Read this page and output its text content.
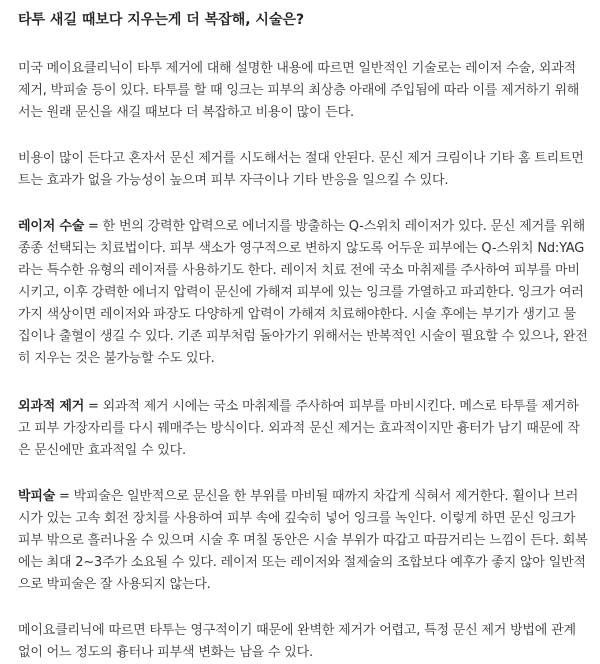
타투 새길 때보다 지우는게 더 복잡해, 시술은?

미국 메이요클리닉이 타투 제거에 대해 설명한 내용에 따르면 일반적인 기술로는 레이저 수술, 외과적 제거, 박피술 등이 있다. 타투를 할 때 잉크는 피부의 최상층 아래에 주입됨에 따라 이를 제거하기 위해서는 원래 문신을 새길 때보다 더 복잡하고 비용이 많이 든다.

비용이 많이 든다고 혼자서 문신 제거를 시도해서는 절대 안된다. 문신 제거 크림이나 기타 홈 트리트먼트는 효과가 없을 가능성이 높으며 피부 자극이나 기타 반응을 일으킬 수 있다.

레이저 수술 = 한 번의 강력한 압력으로 에너지를 방출하는 Q-스위치 레이저가 있다. 문신 제거를 위해 종종 선택되는 치료법이다. 피부 색소가 영구적으로 변하지 않도록 어두운 피부에는 Q-스위치 Nd:YAG라는 특수한 유형의 레이저를 사용하기도 한다. 레이저 치료 전에 국소 마취제를 주사하여 피부를 마비시키고, 이후 강력한 에너지 압력이 문신에 가해져 피부에 있는 잉크를 가열하고 파괴한다. 잉크가 여러 가지 색상이면 레이저와 파장도 다양하게 압력이 가해져 치료해야한다. 시술 후에는 부기가 생기고 물집이나 출혈이 생길 수 있다. 기존 피부처럼 돌아가기 위해서는 반복적인 시술이 필요할 수 있으나, 완전히 지우는 것은 불가능할 수도 있다.

외과적 제거 = 외과적 제거 시에는 국소 마취제를 주사하여 피부를 마비시킨다. 메스로 타투를 제거하고 피부 가장자리를 다시 꿰매주는 방식이다. 외과적 문신 제거는 효과적이지만 흉터가 남기 때문에 작은 문신에만 효과적일 수 있다.

박피술 = 박피술은 일반적으로 문신을 한 부위를 마비될 때까지 차갑게 식혀서 제거한다. 휠이나 브러시가 있는 고속 회전 장치를 사용하여 피부 속에 깊숙히 넣어 잉크를 녹인다. 이렇게 하면 문신 잉크가 피부 밖으로 흘러나올 수 있으며 시술 후 며칠 동안은 시술 부위가 따갑고 따끔거리는 느낌이 든다. 회복에는 최대 2~3주가 소요될 수 있다. 레이저 또는 레이저와 절제술의 조합보다 예후가 좋지 않아 일반적으로 박피술은 잘 사용되지 않는다.

메이요클리닉에 따르면 타투는 영구적이기 때문에 완벽한 제거가 어렵고, 특정 문신 제거 방법에 관계없이 어느 정도의 흉터나 피부색 변화는 남을 수 있다.
